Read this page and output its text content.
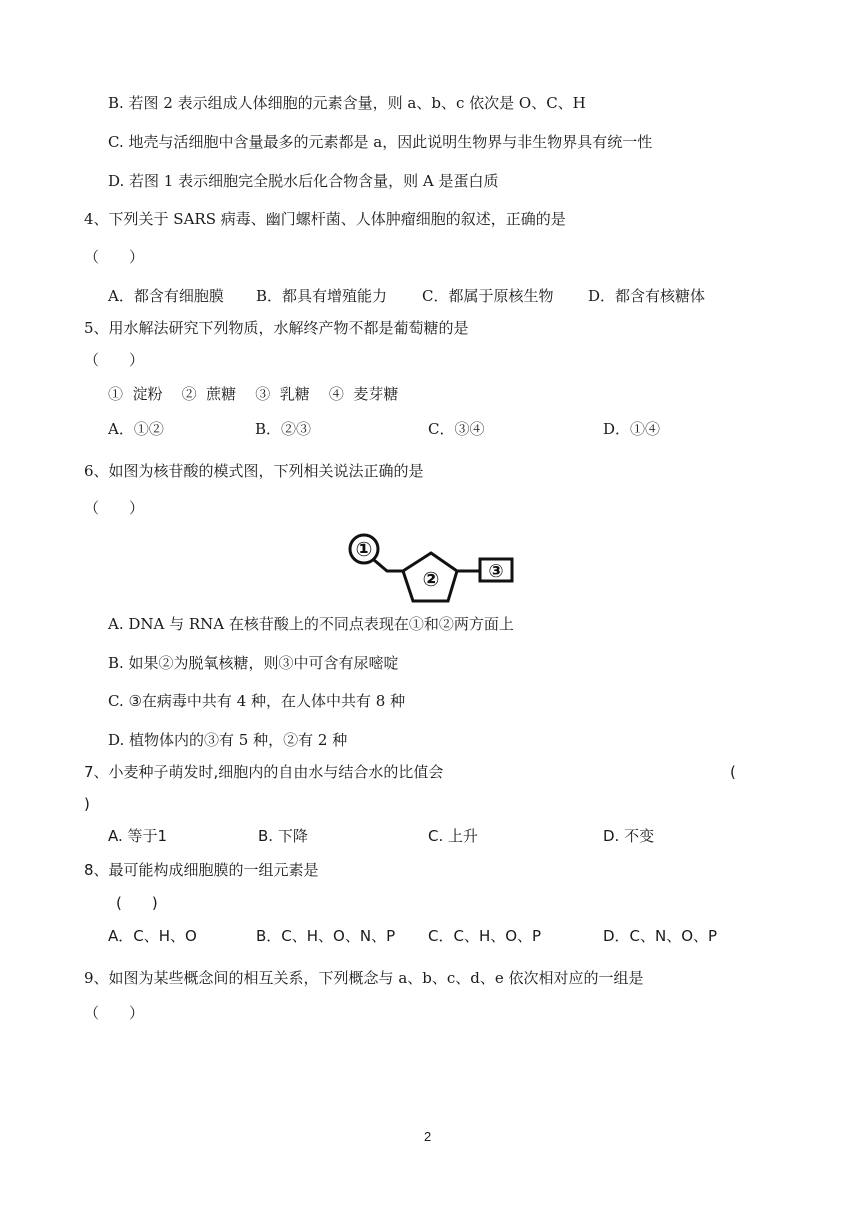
B. 若图 2 表示组成人体细胞的元素含量，则 a、b、c 依次是 O、C、H
C. 地壳与活细胞中含量最多的元素都是 a，因此说明生物界与非生物界具有统一性
D. 若图 1 表示细胞完全脱水后化合物含量，则 A 是蛋白质
4、下列关于 SARS 病毒、幽门螺杆菌、人体肿瘤细胞的叙述，正确的是
（　　）
A．都含有细胞膜 B．都具有增殖能力 C．都属于原核生物 D．都含有核糖体
5、用水解法研究下列物质，水解终产物不都是葡萄糖的是
（　　）
①  淀粉    ②  蔗糖    ③  乳糖    ④  麦芽糖
A．①②	B．②③	C．③④	D．①④
6、如图为核苷酸的模式图，下列相关说法正确的是
（　　）
①
②	③
A. DNA 与 RNA 在核苷酸上的不同点表现在①和②两方面上
B. 如果②为脱氧核糖，则③中可含有尿嘧啶
C. ③在病毒中共有 4 种，在人体中共有 8 种
D. 植物体内的③有 5 种，②有 2 种
7、小麦种子萌发时,细胞内的自由水与结合水的比值会	(
)
A. 等于1	B. 下降	C. 上升	D. 不变
8、最可能构成细胞膜的一组元素是
(　　)
A．C、H、O	B．C、H、O、N、P C．C、H、O、P	D．C、N、O、P
9、如图为某些概念间的相互关系，下列概念与 a、b、c、d、e 依次相对应的一组是
（　　）
2
